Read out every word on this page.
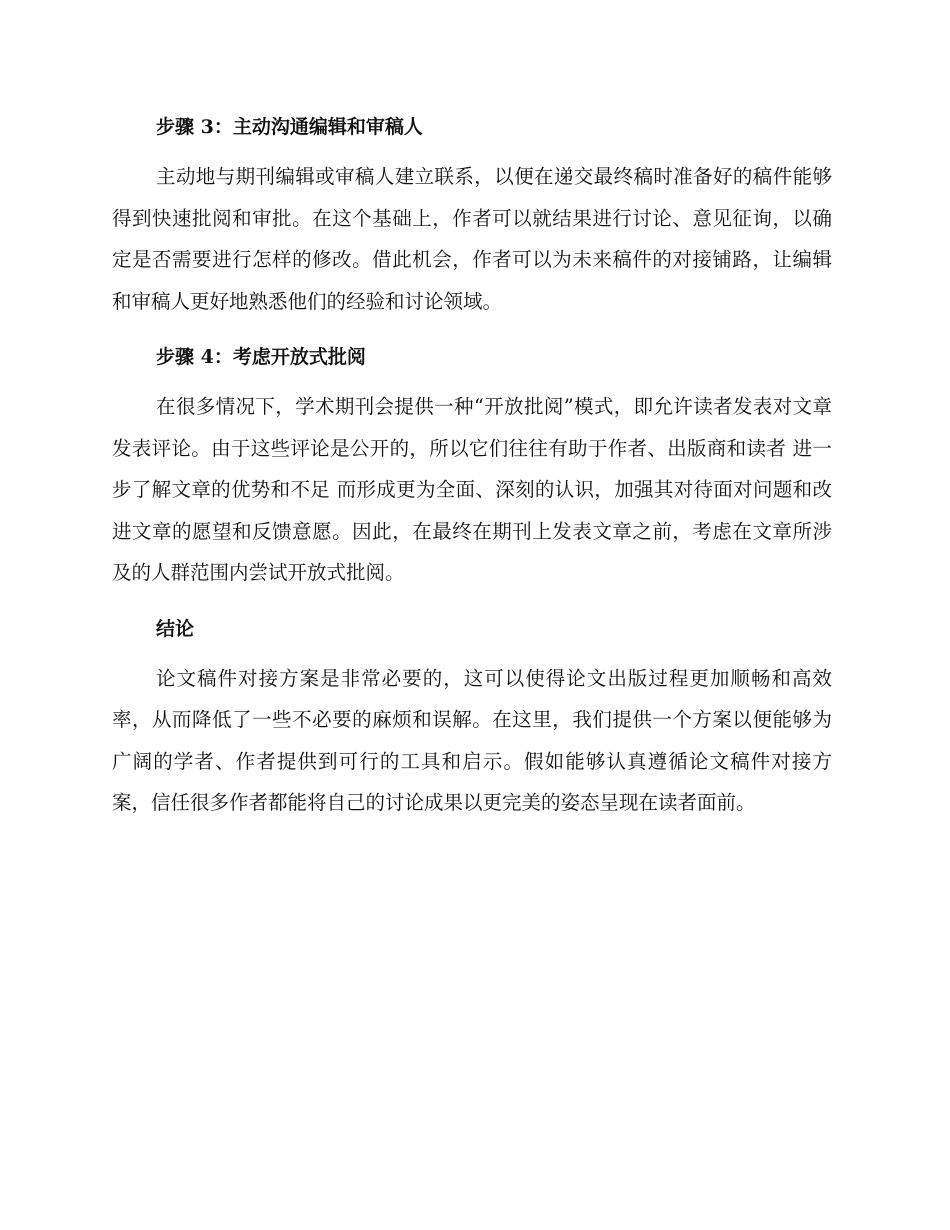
步骤 3：主动沟通编辑和审稿人

主动地与期刊编辑或审稿人建立联系，以便在递交最终稿时准备好的稿件能够得到快速批阅和审批。在这个基础上，作者可以就结果进行讨论、意见征询，以确定是否需要进行怎样的修改。借此机会，作者可以为未来稿件的对接铺路，让编辑和审稿人更好地熟悉他们的经验和讨论领域。

步骤 4：考虑开放式批阅

在很多情况下，学术期刊会提供一种“开放批阅”模式，即允许读者发表对文章发表评论。由于这些评论是公开的，所以它们往往有助于作者、出版商和读者 进一步了解文章的优势和不足 而形成更为全面、深刻的认识，加强其对待面对问题和改进文章的愿望和反馈意愿。因此，在最终在期刊上发表文章之前，考虑在文章所涉及的人群范围内尝试开放式批阅。

结论

论文稿件对接方案是非常必要的，这可以使得论文出版过程更加顺畅和高效率，从而降低了一些不必要的麻烦和误解。在这里，我们提供一个方案以便能够为广阔的学者、作者提供到可行的工具和启示。假如能够认真遵循论文稿件对接方案，信任很多作者都能将自己的讨论成果以更完美的姿态呈现在读者面前。
